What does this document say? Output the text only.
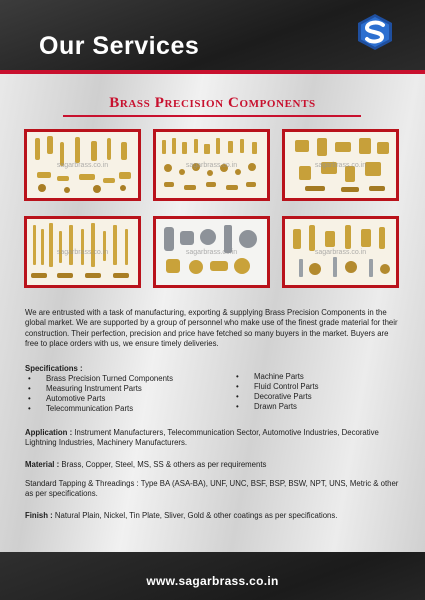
Our Services
Brass Precision Components
sagarbrass.co.in	sagarbrass.co.in	sagarbrass.co.in
sagarbrass.co.in	sagarbrass.co.in	sagarbrass.co.in
We are entrusted with a task of manufacturing, exporting & supplying Brass Precision Components in the global market. We are supported by a group of personnel who make use of the finest grade material for their construction. Their perfection, precision and price have fetched so many buyers in the market. Buyers are free to place orders with us, we ensure timely deliveries.
Specifications :
• Brass Precision Turned Components
• Measuring Instrument Parts
• Automotive Parts
• Telecommunication Parts
• Machine Parts
• Fluid Control Parts
• Decorative Parts
• Drawn Parts
Application : Instrument Manufacturers, Telecommunication Sector, Automotive Industries, Decorative Lightning Industries, Machinery Manufacturers.
Material : Brass, Copper, Steel, MS, SS & others as per requirements
Standard Tapping & Threadings : Type BA (ASA-BA), UNF, UNC, BSF, BSP, BSW, NPT, UNS, Metric & other as per specifications.
Finish : Natural Plain, Nickel, Tin Plate, Sliver, Gold & other coatings as per specifications.
www.sagarbrass.co.in
